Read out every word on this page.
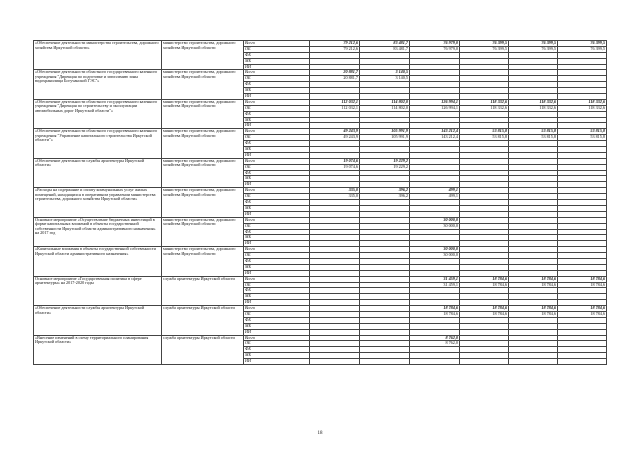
«Обеспечение деятельности министерства строительства, дорожного хозяйства Иркутской области»	министерство строительства, дорожного хозяйства Иркутской области	Всего	79 212,6	83 481,7	76 979,0	76 399,5	76 399,5	76 399,5
		ОБ	79 212,6	83 481,7	76 979,0	76 399,5	76 399,5	76 399,5
		ФБ						
		МБ						
		ИИ						
«Обеспечение деятельности областного государственного казенного учреждения "Дирекция по подготовке и затоплению зоны водохранилища Богучанской ГЭС"»	министерство строительства, дорожного хозяйства Иркутской области	Всего	20 881,7	3 140,5				
		ОБ	20 881,7	3 140,5				
		ФБ						
		МБ						
		ИИ						
«Обеспечение деятельности областного государственного казенного учреждения "Дирекция по строительству и эксплуатации автомобильных дорог Иркутской области"»	министерство строительства, дорожного хозяйства Иркутской области	Всего	112 032,1	114 802,0	126 994,1	118 332,6	118 332,6	118 332,6
		ОБ	112 032,1	114 802,0	126 994,1	118 332,6	118 332,6	118 332,6
		ФБ						
		МБ						
		ИИ						
«Обеспечение деятельности областного государственного казенного учреждения "Управление капитального строительства Иркутской области"»	министерство строительства, дорожного хозяйства Иркутской области	Всего	49 243,9	105 991,9	143 212,4	53 815,8	53 815,8	53 815,8
		ОБ	49 243,9	105 991,9	143 212,4	53 815,8	53 815,8	53 815,8
		ФБ						
		МБ						
		ИИ						
«Обеспечение деятельности службы архитектуры Иркутской области»	министерство строительства, дорожного хозяйства Иркутской области	Всего	19 074,6	19 229,2				
		ОБ	19 074,6	19 229,2				
		ФБ						
		МБ						
		ИИ						
«Расходы на содержание и оплату коммунальных услуг жилых помещений, находящихся в оперативном управлении министерства строительства, дорожного хозяйства Иркутской области»	министерство строительства, дорожного хозяйства Иркутской области	Всего	335,0	396,2	499,1			
		ОБ	335,0	396,2	499,1			
		ФБ						
		МБ						
		ИИ						
Основное мероприятие «Осуществление бюджетных инвестиций в форме капитальных вложений в объекты государственной собственности Иркутской области административного назначения» на 2017 год	министерство строительства, дорожного хозяйства Иркутской области	Всего			30 000,0			
		ОБ			30 000,0			
		ФБ						
		МБ						
		ИИ						
«Капитальные вложения в объекты государственной собственности Иркутской области административного назначения»	министерство строительства, дорожного хозяйства Иркутской области	Всего			30 000,0			
		ОБ			30 000,0			
		ФБ						
		МБ						
		ИИ						
Основное мероприятие «Государственная политика в сфере архитектуры» на 2017-2020 годы	служба архитектуры Иркутской области	Всего			31 459,1	18 784,6	18 784,6	18 784,6
		ОБ			31 459,1	18 784,6	18 784,6	18 784,6
		ФБ						
		МБ						
		ИИ						
«Обеспечение деятельности службы архитектуры Иркутской области»	служба архитектуры Иркутской области	Всего			18 784,6	18 784,6	18 784,6	18 784,6
		ОБ			18 784,6	18 784,6	18 784,6	18 784,6
		ФБ						
		МБ						
		ИИ						
«Внесение изменений в схему территориального планирования Иркутской области»	служба архитектуры Иркутской области	Всего			8 762,0			
		ОБ			8 762,0			
		ФБ						
		МБ						
		ИИ						
18
